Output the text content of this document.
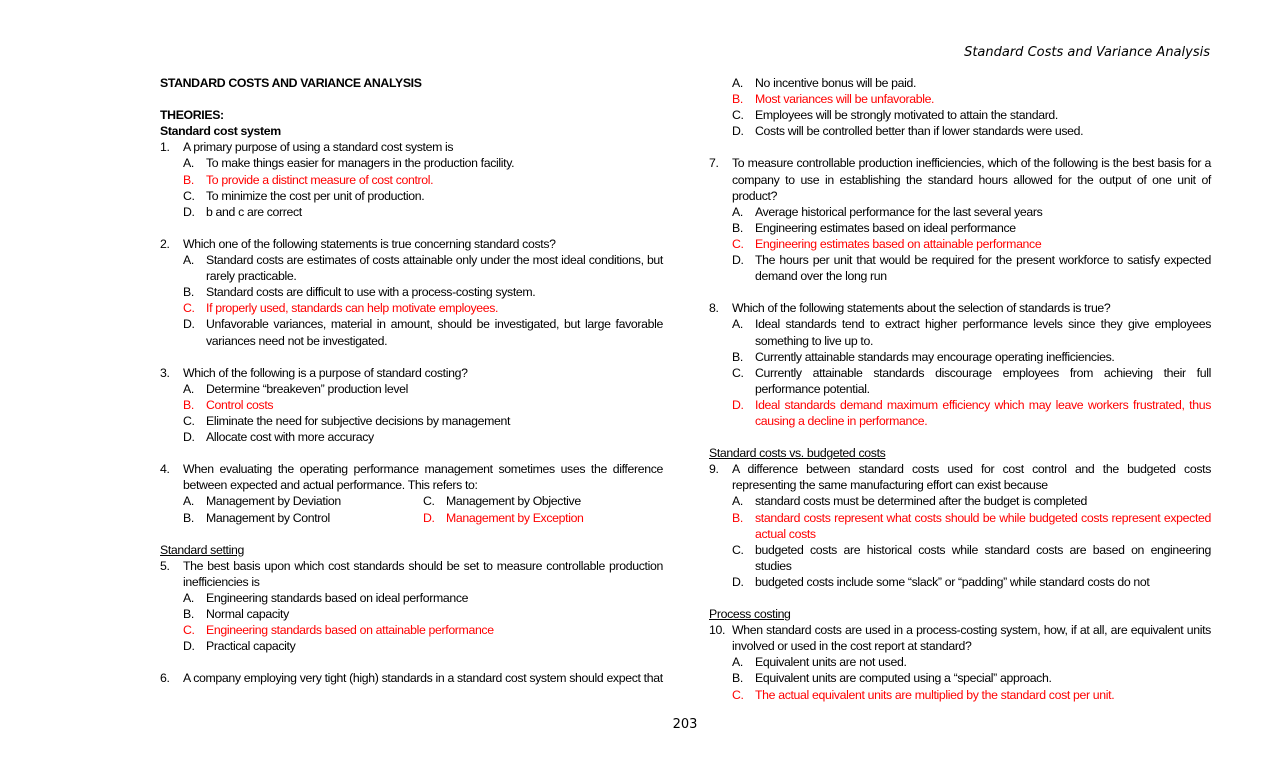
Standard Costs and Variance Analysis
STANDARD COSTS AND VARIANCE ANALYSIS
THEORIES:
Standard cost system
1.	A primary purpose of using a standard cost system is
A. To make things easier for managers in the production facility.
B. To provide a distinct measure of cost control.
C. To minimize the cost per unit of production.
D. b and c are correct
2.	Which one of the following statements is true concerning standard costs?
A. Standard costs are estimates of costs attainable only under the most ideal conditions, but rarely practicable.
B. Standard costs are difficult to use with a process-costing system.
C. If properly used, standards can help motivate employees.
D. Unfavorable variances, material in amount, should be investigated, but large favorable variances need not be investigated.
3.	Which of the following is a purpose of standard costing?
A. Determine “breakeven” production level
B. Control costs
C. Eliminate the need for subjective decisions by management
D. Allocate cost with more accuracy
4.	When evaluating the operating performance management sometimes uses the difference between expected and actual performance. This refers to:
A. Management by Deviation	C. Management by Objective
B. Management by Control	D. Management by Exception
Standard setting
5.	The best basis upon which cost standards should be set to measure controllable production inefficiencies is
A. Engineering standards based on ideal performance
B. Normal capacity
C. Engineering standards based on attainable performance
D. Practical capacity
6.	A company employing very tight (high) standards in a standard cost system should expect that
A. No incentive bonus will be paid.
B. Most variances will be unfavorable.
C. Employees will be strongly motivated to attain the standard.
D. Costs will be controlled better than if lower standards were used.
7.	To measure controllable production inefficiencies, which of the following is the best basis for a company to use in establishing the standard hours allowed for the output of one unit of product?
A. Average historical performance for the last several years
B. Engineering estimates based on ideal performance
C. Engineering estimates based on attainable performance
D. The hours per unit that would be required for the present workforce to satisfy expected demand over the long run
8.	Which of the following statements about the selection of standards is true?
A. Ideal standards tend to extract higher performance levels since they give employees something to live up to.
B. Currently attainable standards may encourage operating inefficiencies.
C. Currently attainable standards discourage employees from achieving their full performance potential.
D. Ideal standards demand maximum efficiency which may leave workers frustrated, thus causing a decline in performance.
Standard costs vs. budgeted costs
9.	A difference between standard costs used for cost control and the budgeted costs representing the same manufacturing effort can exist because
A. standard costs must be determined after the budget is completed
B. standard costs represent what costs should be while budgeted costs represent expected actual costs
C. budgeted costs are historical costs while standard costs are based on engineering studies
D. budgeted costs include some “slack” or “padding” while standard costs do not
Process costing
10. When standard costs are used in a process-costing system, how, if at all, are equivalent units involved or used in the cost report at standard?
A. Equivalent units are not used.
B. Equivalent units are computed using a “special” approach.
C. The actual equivalent units are multiplied by the standard cost per unit.
203
